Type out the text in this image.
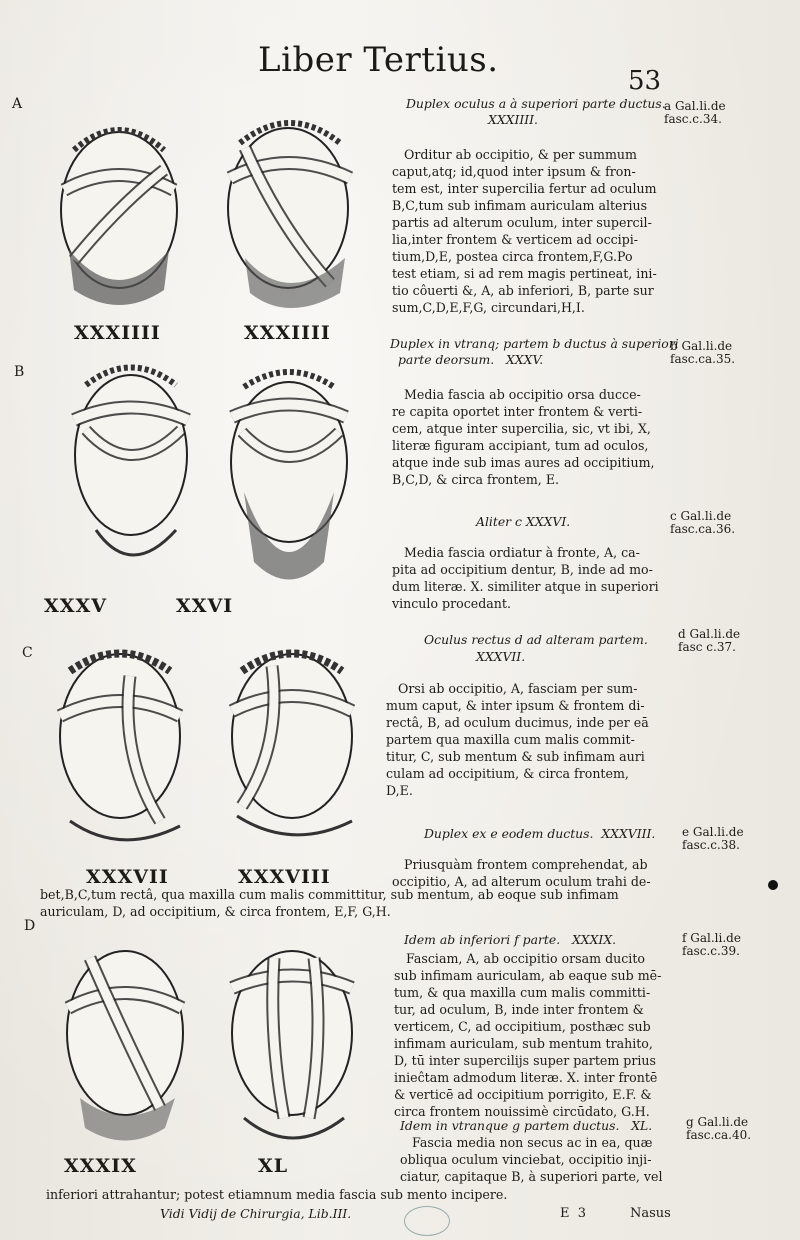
Liber Tertius.
53
A
B
C
D
XXXIIII	XXXIIII
XXXV	XXVI
XXXVII	XXXVIII
XXXIX	XL
a Gal.li.de
fasc.c.34.
b Gal.li.de
fasc.ca.35.
c Gal.li.de
fasc.ca.36.
d Gal.li.de
fasc c.37.
e Gal.li.de
fasc.c.38.
f Gal.li.de
fasc.c.39.
g Gal.li.de
fasc.ca.40.
Duplex oculus a à superiori parte ductus.
XXXIIII.
Orditur ab occipitio, & per summum
caput,atq; id,quod inter ipsum & fron-
tem est, inter supercilia fertur ad oculum
B,C,tum sub infimam auriculam alterius
partis ad alterum oculum, inter supercil-
lia,inter frontem & verticem ad occipi-
tium,D,E, postea circa frontem,F,G.Po
test etiam, si ad rem magis pertineat, ini-
tio côuerti &, A, ab inferiori, B, parte sur
sum,C,D,E,F,G, circundari,H,I.
Duplex in vtranq; partem b ductus à superiori
parte deorsum.   XXXV.
Media fascia ab occipitio orsa ducce-
re capita oportet inter frontem & verti-
cem, atque inter supercilia, sic, vt ibi, X,
literæ figuram accipiant, tum ad oculos,
atque inde sub imas aures ad occipitium,
B,C,D, & circa frontem, E.
Aliter c XXXVI.
Media fascia ordiatur à fronte, A, ca-
pita ad occipitium dentur, B, inde ad mo-
dum literæ. X. similiter atque in superiori
vinculo procedant.
Oculus rectus d ad alteram partem.
XXXVII.
Orsi ab occipitio, A, fasciam per sum-
mum caput, & inter ipsum & frontem di-
rectâ, B, ad oculum ducimus, inde per eā
partem qua maxilla cum malis commit-
titur, C, sub mentum & sub infimam auri
culam ad occipitium, & circa frontem,
D,E.
Duplex ex e eodem ductus.  XXXVIII.
Priusquàm frontem comprehendat, ab
occipitio, A, ad alterum oculum trahi de-
bet,B,C,tum rectâ, qua maxilla cum malis committitur, sub mentum, ab eoque sub infimam
auriculam, D, ad occipitium, & circa frontem, E,F, G,H.
Idem ab inferiori f parte.   XXXIX.
Fasciam, A, ab occipitio orsam ducito
sub infimam auriculam, ab eaque sub mē-
tum, & qua maxilla cum malis committi-
tur, ad oculum, B, inde inter frontem &
verticem, C, ad occipitium, posthæc sub
infimam auriculam, sub mentum trahito,
D, tū inter supercilijs super partem prius
inieĉtam admodum literæ. X. inter frontē
& verticē ad occipitium porrigito, E.F. &
circa frontem nouissimè circūdato, G.H.
Idem in vtranque g partem ductus.   XL.
Fascia media non secus ac in ea, quæ
obliqua oculum vinciebat, occipitio inji-
ciatur, capitaque B, à superiori parte, vel
inferiori attrahantur; potest etiamnum media fascia sub mento incipere.
Vidi Vidij de Chirurgia, Lib.III.	E  3	Nasus
